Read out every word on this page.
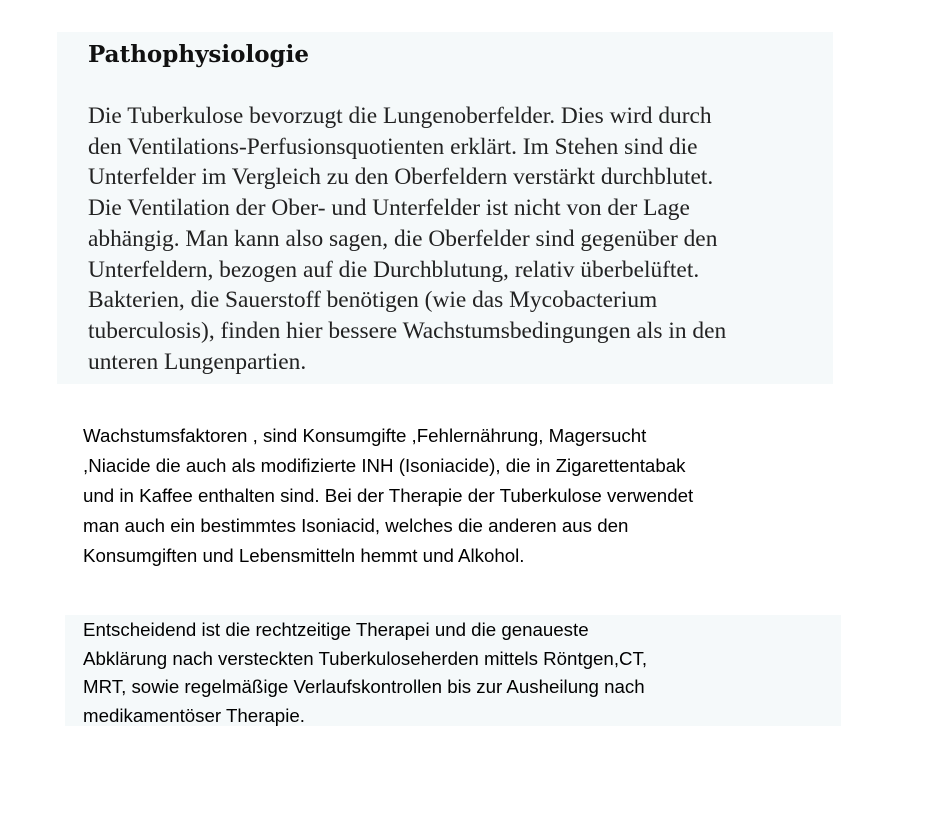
Pathophysiologie

Die Tuberkulose bevorzugt die Lungenoberfelder. Dies wird durch
den Ventilations-Perfusionsquotienten erklärt. Im Stehen sind die
Unterfelder im Vergleich zu den Oberfeldern verstärkt durchblutet.
Die Ventilation der Ober- und Unterfelder ist nicht von der Lage
abhängig. Man kann also sagen, die Oberfelder sind gegenüber den
Unterfeldern, bezogen auf die Durchblutung, relativ überbelüftet.
Bakterien, die Sauerstoff benötigen (wie das Mycobacterium
tuberculosis), finden hier bessere Wachstumsbedingungen als in den
unteren Lungenpartien.

Wachstumsfaktoren , sind Konsumgifte ,Fehlernährung, Magersucht
,Niacide die auch als modifizierte INH (Isoniacide), die in Zigarettentabak
und in Kaffee enthalten sind. Bei der Therapie der Tuberkulose verwendet
man auch ein bestimmtes Isoniacid, welches die anderen aus den
Konsumgiften und Lebensmitteln hemmt und Alkohol.

Entscheidend ist die rechtzeitige Therapei und die genaueste
Abklärung nach versteckten Tuberkuloseherden mittels Röntgen,CT,
MRT, sowie regelmäßige Verlaufskontrollen bis zur Ausheilung nach
medikamentöser Therapie.
